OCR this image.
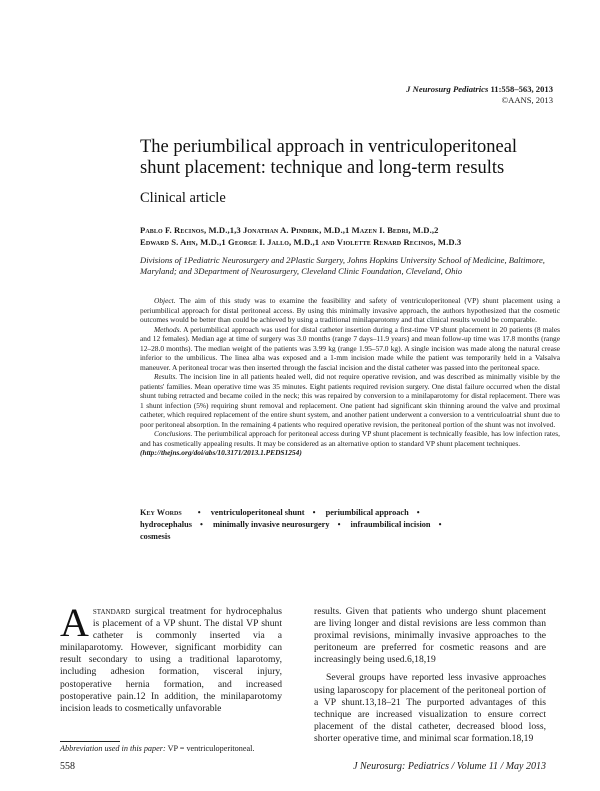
J Neurosurg Pediatrics 11:558–563, 2013
©AANS, 2013
The periumbilical approach in ventriculoperitoneal shunt placement: technique and long-term results
Clinical article
Pablo F. Recinos, M.D.,1,3 Jonathan A. Pindrik, M.D.,1 Mazen I. Bedri, M.D.,2
Edward S. Ahn, M.D.,1 George I. Jallo, M.D.,1 and Violette Renard Recinos, M.D.3
Divisions of 1Pediatric Neurosurgery and 2Plastic Surgery, Johns Hopkins University School of Medicine, Baltimore, Maryland; and 3Department of Neurosurgery, Cleveland Clinic Foundation, Cleveland, Ohio

Object. The aim of this study was to examine the feasibility and safety of ventriculoperitoneal (VP) shunt placement using a periumbilical approach for distal peritoneal access. By using this minimally invasive approach, the authors hypothesized that the cosmetic outcomes would be better than could be achieved by using a traditional minilaparotomy and that clinical results would be comparable.

Methods. A periumbilical approach was used for distal catheter insertion during a first-time VP shunt placement in 20 patients (8 males and 12 females). Median age at time of surgery was 3.0 months (range 7 days–11.9 years) and mean follow-up time was 17.8 months (range 12–28.0 months). The median weight of the patients was 3.99 kg (range 1.95–57.0 kg). A single incision was made along the natural crease inferior to the umbilicus. The linea alba was exposed and a 1-mm incision made while the patient was temporarily held in a Valsalva maneuver. A peritoneal trocar was then inserted through the fascial incision and the distal catheter was passed into the peritoneal space.

Results. The incision line in all patients healed well, did not require operative revision, and was described as minimally visible by the patients' families. Mean operative time was 35 minutes. Eight patients required revision surgery. One distal failure occurred when the distal shunt tubing retracted and became coiled in the neck; this was repaired by conversion to a minilaparotomy for distal replacement. There was 1 shunt infection (5%) requiring shunt removal and replacement. One patient had significant skin thinning around the valve and proximal catheter, which required replacement of the entire shunt system, and another patient underwent a conversion to a ventriculoatrial shunt due to poor peritoneal absorption. In the remaining 4 patients who required operative revision, the peritoneal portion of the shunt was not involved.

Conclusions. The periumbilical approach for peritoneal access during VP shunt placement is technically feasible, has low infection rates, and has cosmetically appealing results. It may be considered as an alternative option to standard VP shunt placement techniques.

(http://thejns.org/doi/abs/10.3171/2013.1.PEDS1254)

Key Words • ventriculoperitoneal shunt • periumbilical approach •
hydrocephalus • minimally invasive neurosurgery • infraumbilical incision •
cosmesis

Astandard surgical treatment for hydrocephalus is placement of a VP shunt. The distal VP shunt catheter is commonly inserted via a minilaparotomy. However, significant morbidity can result secondary to using a traditional laparotomy, including adhesion formation, visceral injury, postoperative hernia formation, and increased postoperative pain.12 In addition, the minilaparotomy incision leads to cosmetically unfavorable

results. Given that patients who undergo shunt placement are living longer and distal revisions are less common than proximal revisions, minimally invasive approaches to the peritoneum are preferred for cosmetic reasons and are increasingly being used.6,18,19

Several groups have reported less invasive approaches using laparoscopy for placement of the peritoneal portion of a VP shunt.13,18–21 The purported advantages of this technique are increased visualization to ensure correct placement of the distal catheter, decreased blood loss, shorter operative time, and minimal scar formation.18,19

Abbreviation used in this paper: VP = ventriculoperitoneal.
558	J Neurosurg: Pediatrics / Volume 11 / May 2013
